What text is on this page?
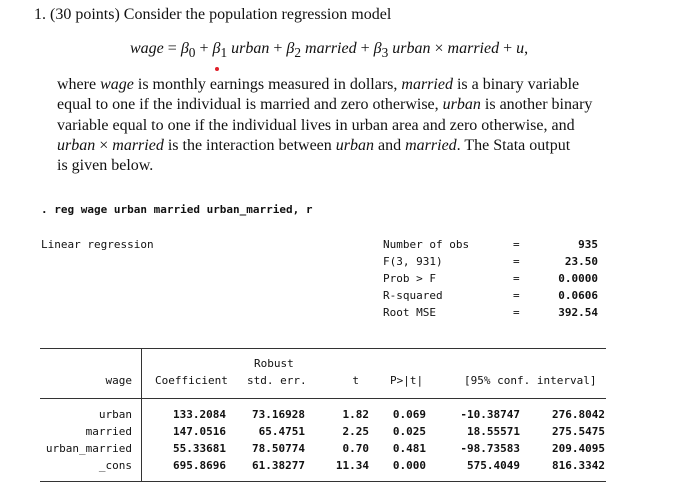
1. (30 points) Consider the population regression model
wage = $\beta_0 + \beta_1$ urban + $\beta_2$ married + $\beta_3$ urban × married + u,
where wage is monthly earnings measured in dollars, married is a binary variable
equal to one if the individual is married and zero otherwise, urban is another binary
variable equal to one if the individual lives in urban area and zero otherwise, and
urban × married is the interaction between urban and married. The Stata output
is given below.
. reg wage urban married urban_married, r
Linear regression	Number of obs	=	935
F(3, 931)	=	23.50
Prob > F	=	0.0000
R-squared	=	0.0606
Root MSE	=	392.54
Robust
wage Coefficient std. err.	t	P>|t|	[95% conf. interval]
urban	133.2084 73.16928	1.82 0.069	-10.38747	276.8042
married	147.0516	65.4751	2.25 0.025	18.55571	275.5475
urban_married	55.33681 78.50774	0.70 0.481	-98.73583	209.4095
_cons	695.8696 61.38277	11.34 0.000	575.4049	816.3342
